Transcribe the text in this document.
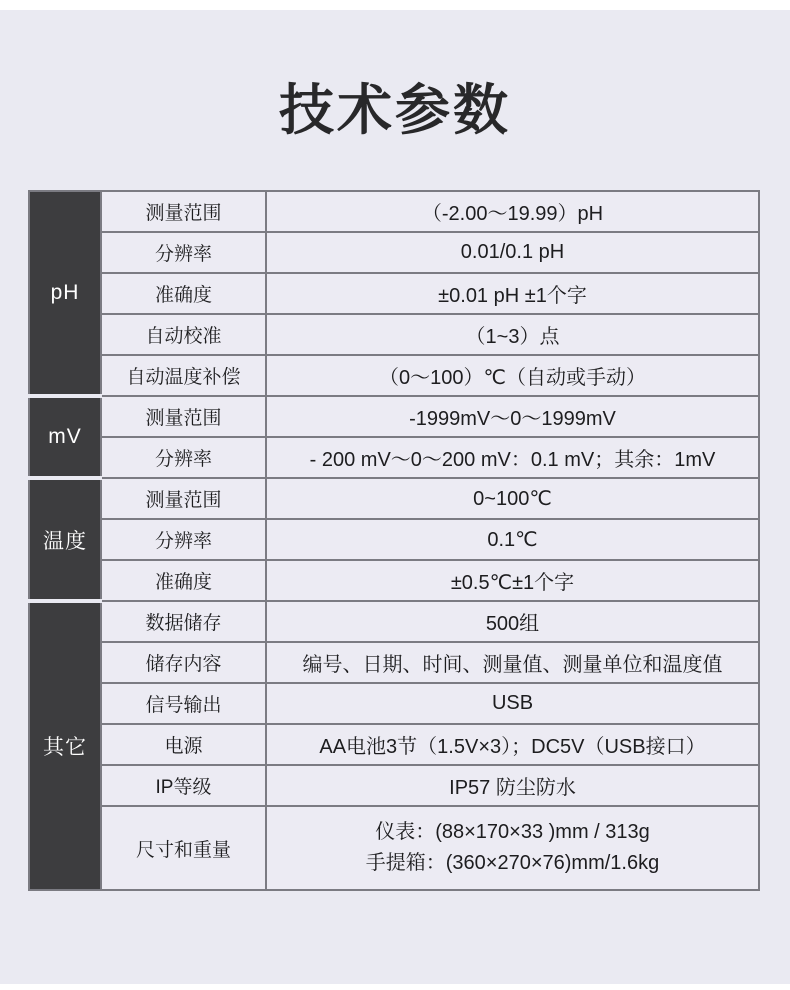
技术参数
pH	测量范围	（-2.00～19.99）pH
	分辨率	0.01/0.1 pH
	准确度	±0.01 pH ±1个字
	自动校准	（1~3）点
	自动温度补偿	（0～100）℃（自动或手动）
mV	测量范围	-1999mV～0～1999mV
	分辨率	- 200 mV～0～200 mV：0.1 mV；其余：1mV
温度	测量范围	0~100℃
	分辨率	0.1℃
	准确度	±0.5℃±1个字
其它	数据储存	500组
	储存内容	编号、日期、时间、测量值、测量单位和温度值
	信号输出	USB
	电源	AA电池3节（1.5V×3）；DC5V（USB接口）
	IP等级	IP57 防尘防水
	尺寸和重量	仪表：(88×170×33 )mm / 313g
手提箱：(360×270×76)mm/1.6kg
